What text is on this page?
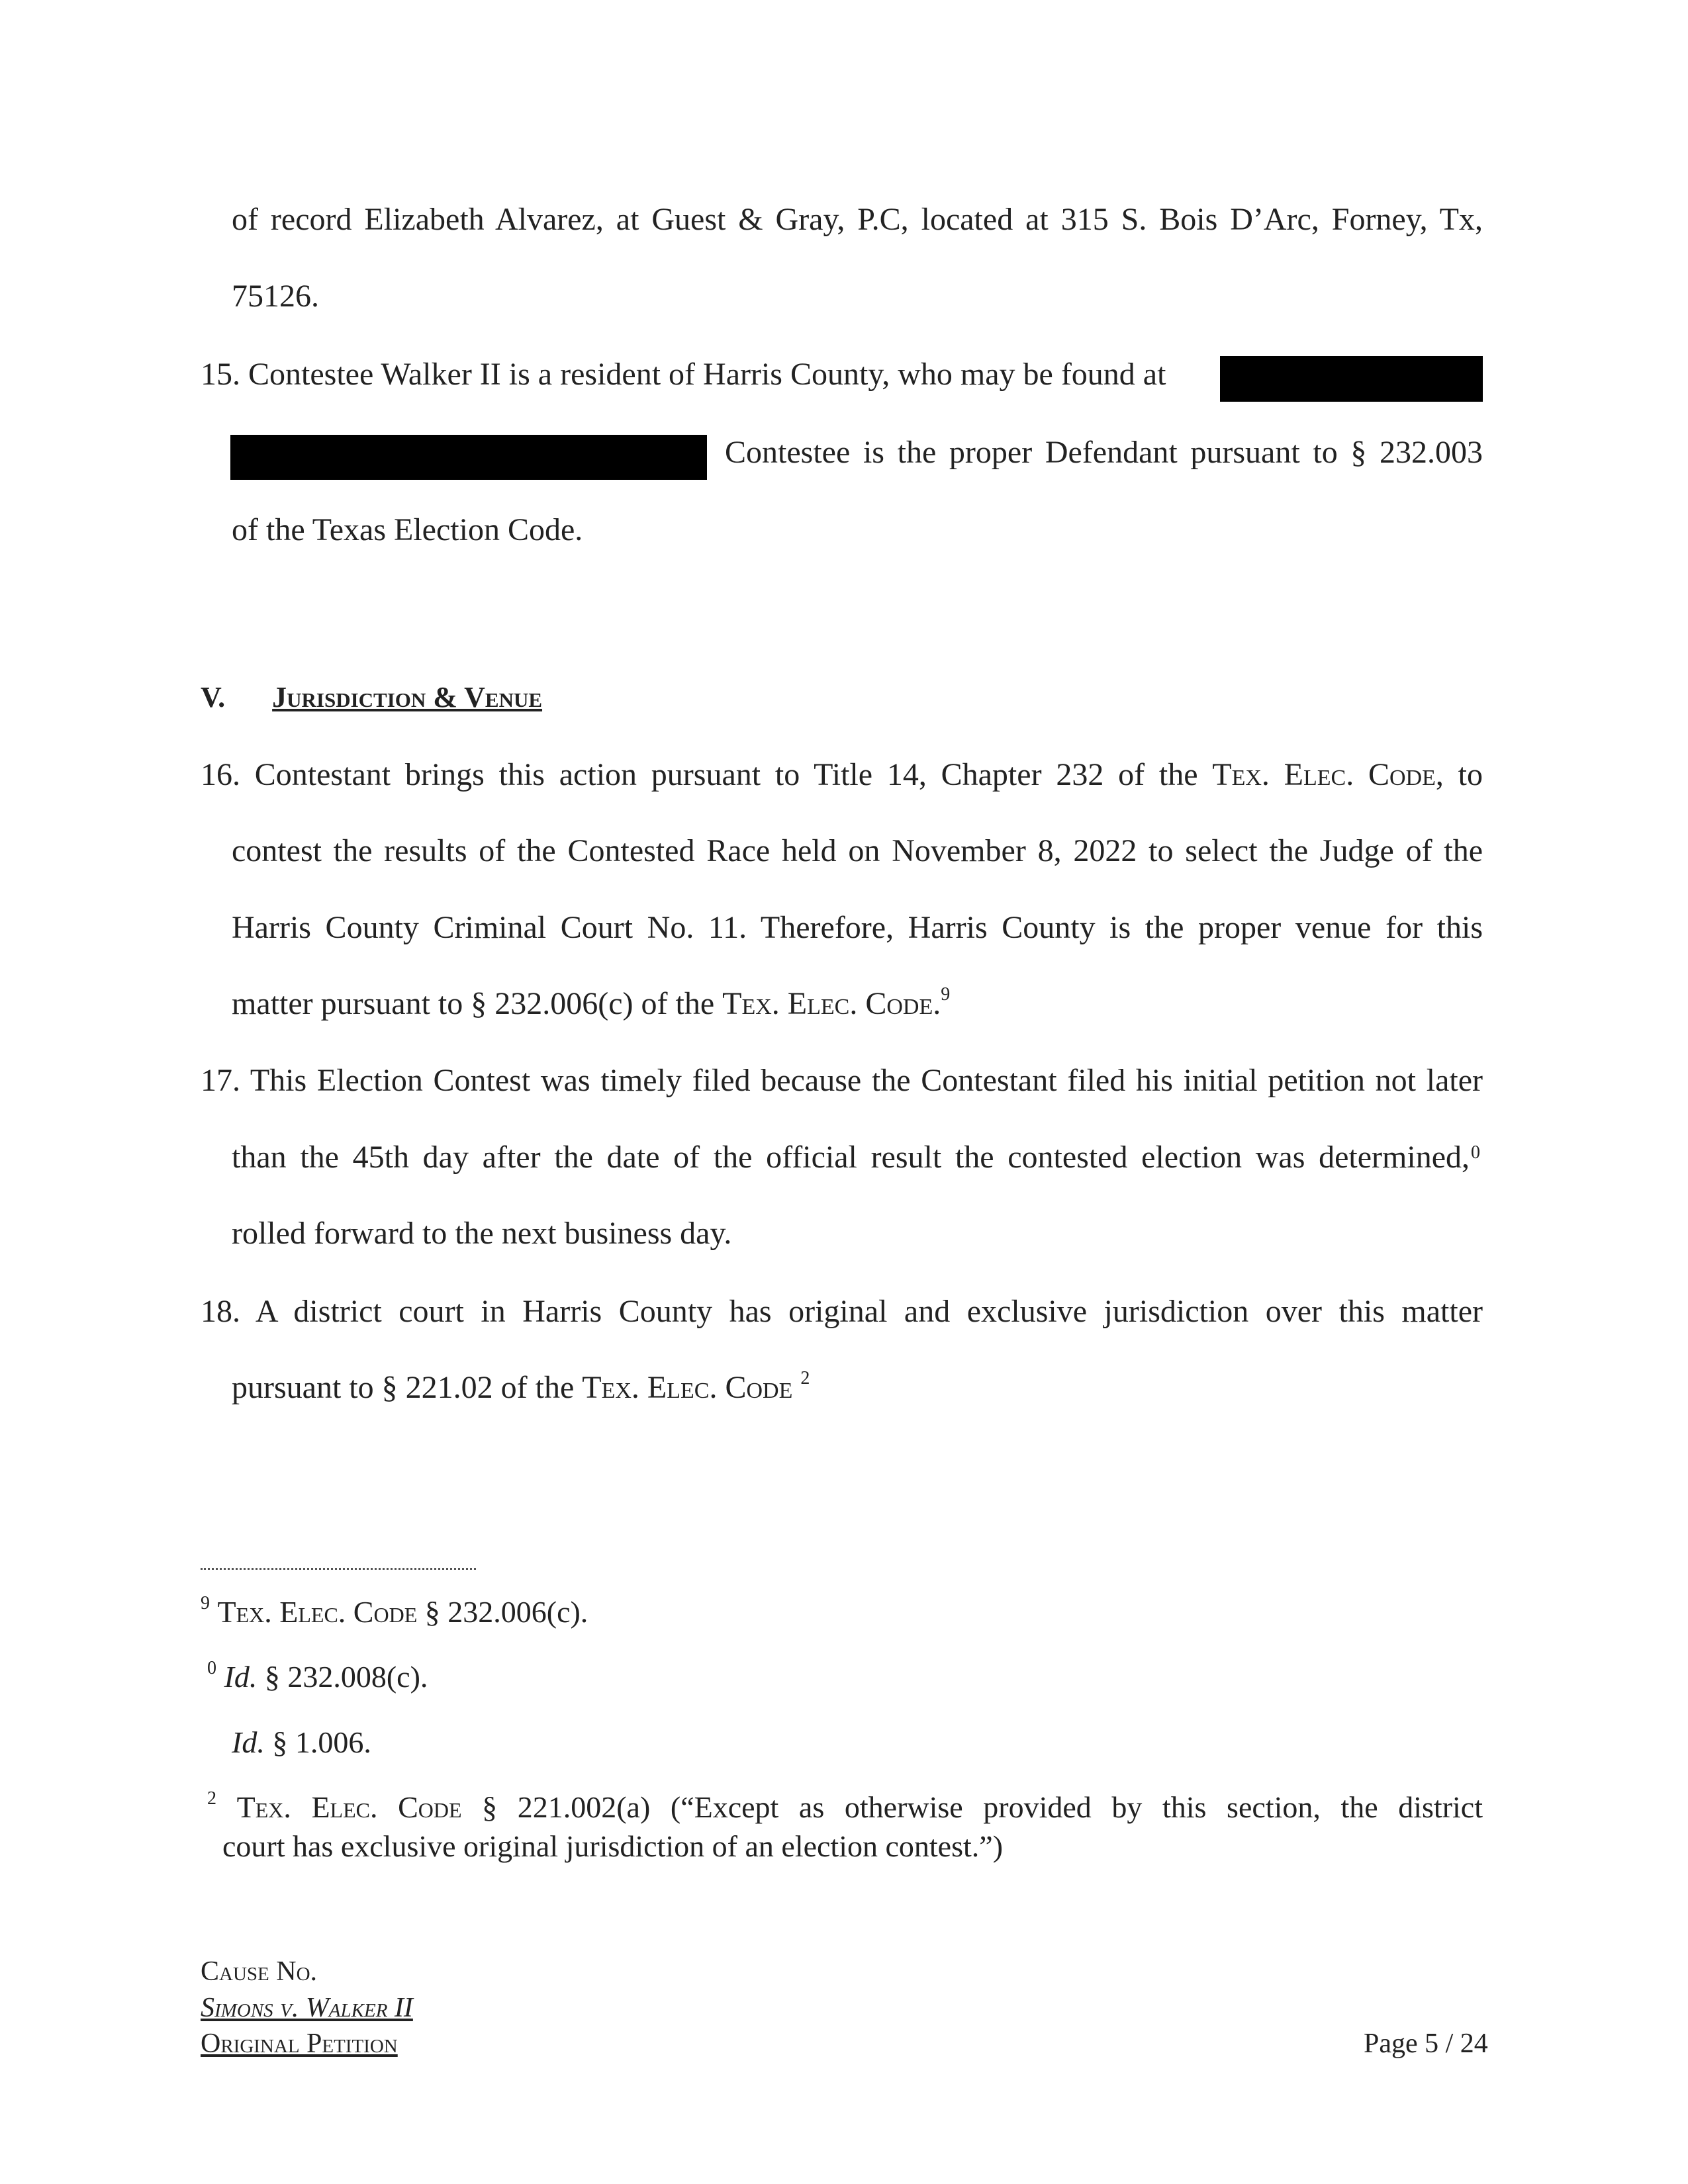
of record Elizabeth Alvarez, at Guest & Gray, P.C, located at 315 S. Bois D’Arc, Forney, Tx,
75126.
15. Contestee Walker II is a resident of Harris County, who may be found at
Contestee is the proper Defendant pursuant to § 232.003
of the Texas Election Code.
V. Jurisdiction & Venue
16. Contestant brings this action pursuant to Title 14, Chapter 232 of the Tex. Elec. Code, to
contest the results of the Contested Race held on November 8, 2022 to select the Judge of the
Harris County Criminal Court No. 11. Therefore, Harris County is the proper venue for this
matter pursuant to § 232.006(c) of the Tex. Elec. Code.$^9$
17. This Election Contest was timely filed because the Contestant filed his initial petition not later
than the 45th day after the date of the official result the contested election was determined, $^0$
rolled forward to the next business day.
18. A district court in Harris County has original and exclusive jurisdiction over this matter
pursuant to § 221.02 of the Tex. Elec. Code $^2$
$^9$ Tex. Elec. Code § 232.006(c).
$^0$ Id. § 232.008(c).
Id. § 1.006.
$^2$ Tex. Elec. Code § 221.002(a) (“Except as otherwise provided by this section, the district
court has exclusive original jurisdiction of an election contest.”)
Cause No.
Simons v. Walker II
Original Petition	Page 5 / 24
